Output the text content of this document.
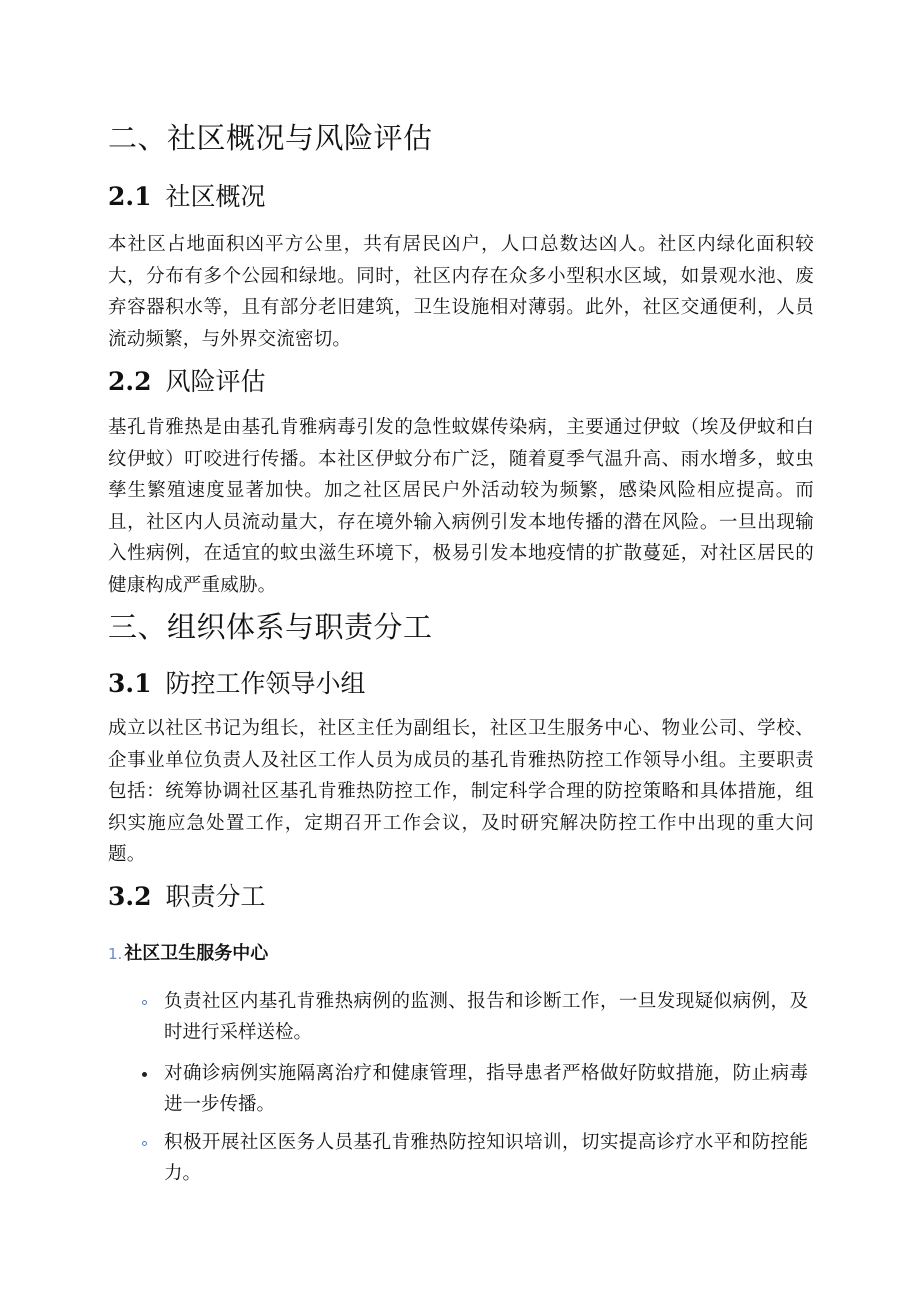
二、社区概况与风险评估
2.1 社区概况

本社区占地面积凶平方公里，共有居民凶户，人口总数达凶人。社区内绿化面积较大，分布有多个公园和绿地。同时，社区内存在众多小型积水区域，如景观水池、废弃容器积水等，且有部分老旧建筑，卫生设施相对薄弱。此外，社区交通便利，人员流动频繁，与外界交流密切。

2.2 风险评估

基孔肯雅热是由基孔肯雅病毒引发的急性蚊媒传染病，主要通过伊蚊（埃及伊蚊和白纹伊蚊）叮咬进行传播。本社区伊蚊分布广泛，随着夏季气温升高、雨水增多，蚊虫孳生繁殖速度显著加快。加之社区居民户外活动较为频繁，感染风险相应提高。而且，社区内人员流动量大，存在境外输入病例引发本地传播的潜在风险。一旦出现输入性病例，在适宜的蚊虫滋生环境下，极易引发本地疫情的扩散蔓延，对社区居民的健康构成严重威胁。

三、组织体系与职责分工
3.1 防控工作领导小组

成立以社区书记为组长，社区主任为副组长，社区卫生服务中心、物业公司、学校、企事业单位负责人及社区工作人员为成员的基孔肯雅热防控工作领导小组。主要职责包括：统筹协调社区基孔肯雅热防控工作，制定科学合理的防控策略和具体措施，组织实施应急处置工作，定期召开工作会议，及时研究解决防控工作中出现的重大问题。

3.2 职责分工
1. 社区卫生服务中心
负责社区内基孔肯雅热病例的监测、报告和诊断工作，一旦发现疑似病例，及时进行采样送检。
对确诊病例实施隔离治疗和健康管理，指导患者严格做好防蚊措施，防止病毒进一步传播。
积极开展社区医务人员基孔肯雅热防控知识培训，切实提高诊疗水平和防控能力。
